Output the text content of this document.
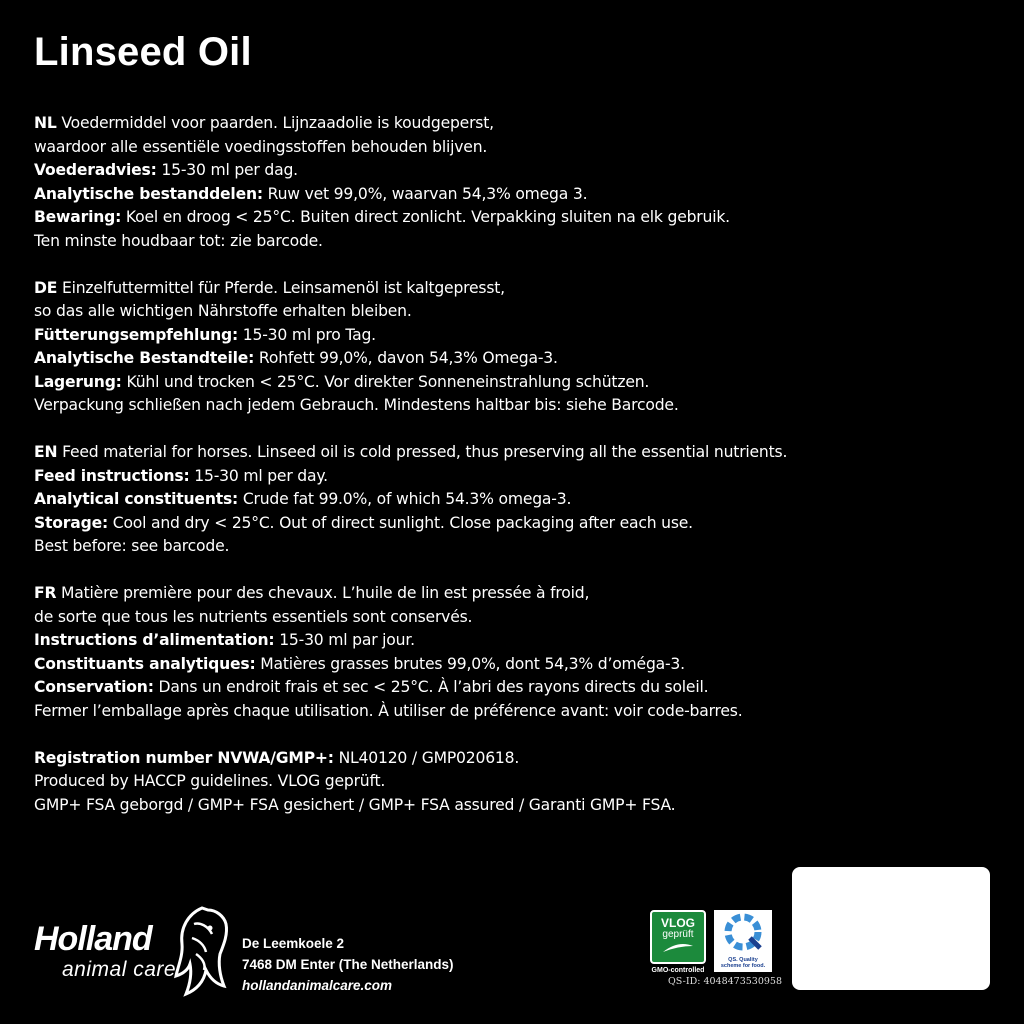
Linseed Oil
NL Voedermiddel voor paarden. Lijnzaadolie is koudgeperst,
waardoor alle essentiële voedingsstoffen behouden blijven.
Voederadvies: 15-30 ml per dag.
Analytische bestanddelen: Ruw vet 99,0%, waarvan 54,3% omega 3.
Bewaring: Koel en droog < 25°C. Buiten direct zonlicht. Verpakking sluiten na elk gebruik.
Ten minste houdbaar tot: zie barcode.
DE Einzelfuttermittel für Pferde. Leinsamenöl ist kaltgepresst,
so das alle wichtigen Nährstoffe erhalten bleiben.
Fütterungsempfehlung: 15-30 ml pro Tag.
Analytische Bestandteile: Rohfett 99,0%, davon 54,3% Omega-3.
Lagerung: Kühl und trocken < 25°C. Vor direkter Sonneneinstrahlung schützen.
Verpackung schließen nach jedem Gebrauch. Mindestens haltbar bis: siehe Barcode.
EN Feed material for horses. Linseed oil is cold pressed, thus preserving all the essential nutrients.
Feed instructions: 15-30 ml per day.
Analytical constituents: Crude fat 99.0%, of which 54.3% omega-3.
Storage: Cool and dry < 25°C. Out of direct sunlight. Close packaging after each use.
Best before: see barcode.
FR Matière première pour des chevaux. L’huile de lin est pressée à froid,
de sorte que tous les nutrients essentiels sont conservés.
Instructions d’alimentation: 15-30 ml par jour.
Constituants analytiques: Matières grasses brutes 99,0%, dont 54,3% d’oméga-3.
Conservation: Dans un endroit frais et sec < 25°C. À l’abri des rayons directs du soleil.
Fermer l’emballage après chaque utilisation. À utiliser de préférence avant: voir code-barres.
Registration number NVWA/GMP+: NL40120 / GMP020618.
Produced by HACCP guidelines. VLOG geprüft.
GMP+ FSA geborgd / GMP+ FSA gesichert / GMP+ FSA assured / Garanti GMP+ FSA.
Holland
animal care
De Leemkoele 2
7468 DM Enter (The Netherlands)
hollandanimalcare.com
VLOG
geprüft
GMO-controlled
QS. Quality
scheme for food.
QS-ID: 4048473530958
